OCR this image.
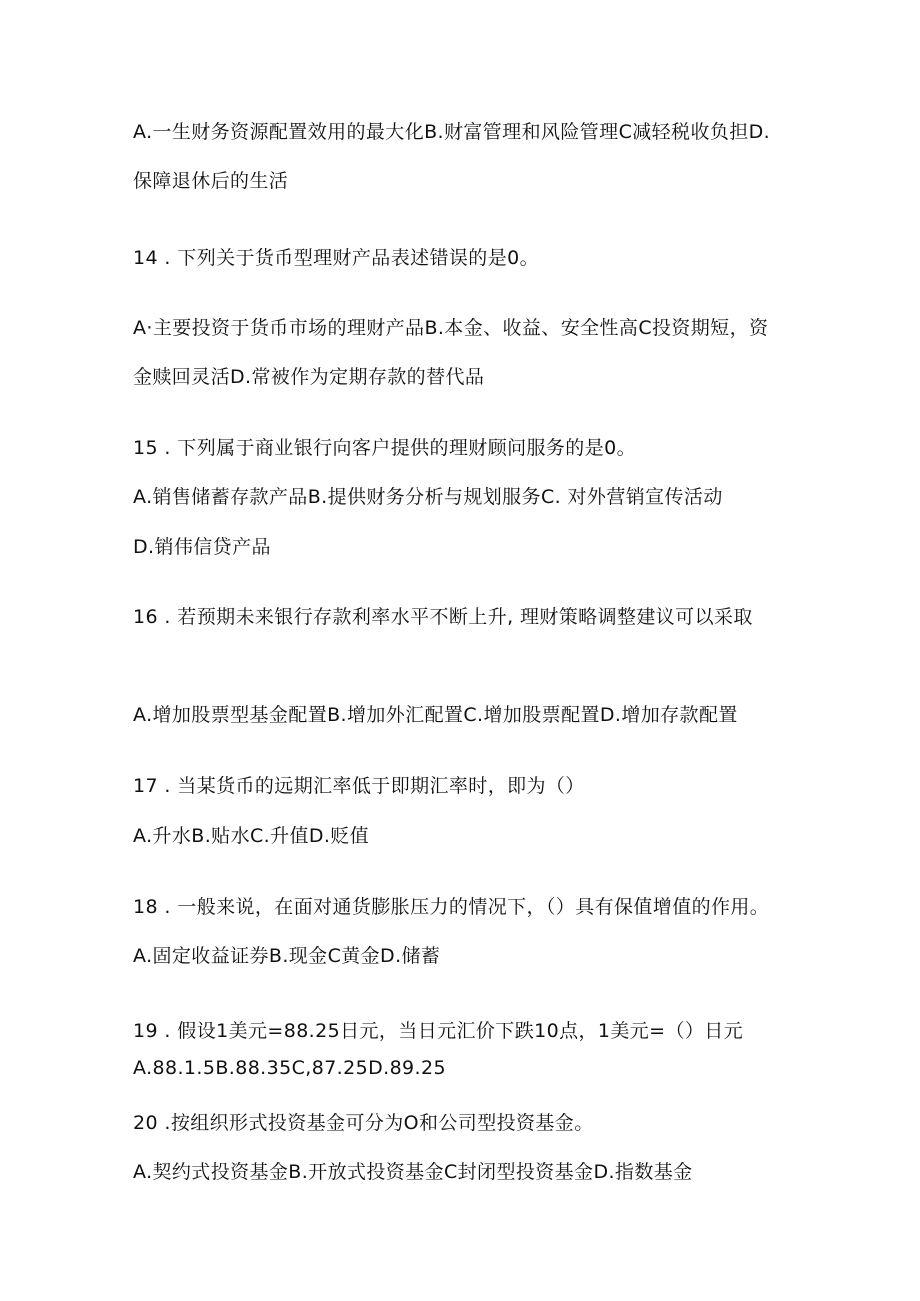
A.一生财务资源配置效用的最大化B.财富管理和风险管理C减轻税收负担D.
保障退休后的生活
14 . 下列关于货币型理财产品表述错误的是0。
A·主要投资于货币市场的理财产品B.本金、收益、安全性高C投资期短，资
金赎回灵活D.常被作为定期存款的替代品
15 . 下列属于商业银行向客户提供的理财顾问服务的是0。
A.销售储蓄存款产品B.提供财务分析与规划服务C. 对外营销宣传活动
D.销伟信贷产品
16 . 若预期未来银行存款利率水平不断上升, 理财策略调整建议可以采取
A.增加股票型基金配置B.增加外汇配置C.增加股票配置D.增加存款配置
17 . 当某货币的远期汇率低于即期汇率时，即为（）
A.升水B.贴水C.升值D.贬值
18 . 一般来说，在面对通货膨胀压力的情况下，（）具有保值增值的作用。
A.固定收益证券B.现金C黄金D.储蓄
19 . 假设1美元=88.25日元，当日元汇价下跌10点，1美元=（）日元
A.88.1.5B.88.35C,87.25D.89.25
20 .按组织形式投资基金可分为O和公司型投资基金。
A.契约式投资基金B.开放式投资基金C封闭型投资基金D.指数基金
